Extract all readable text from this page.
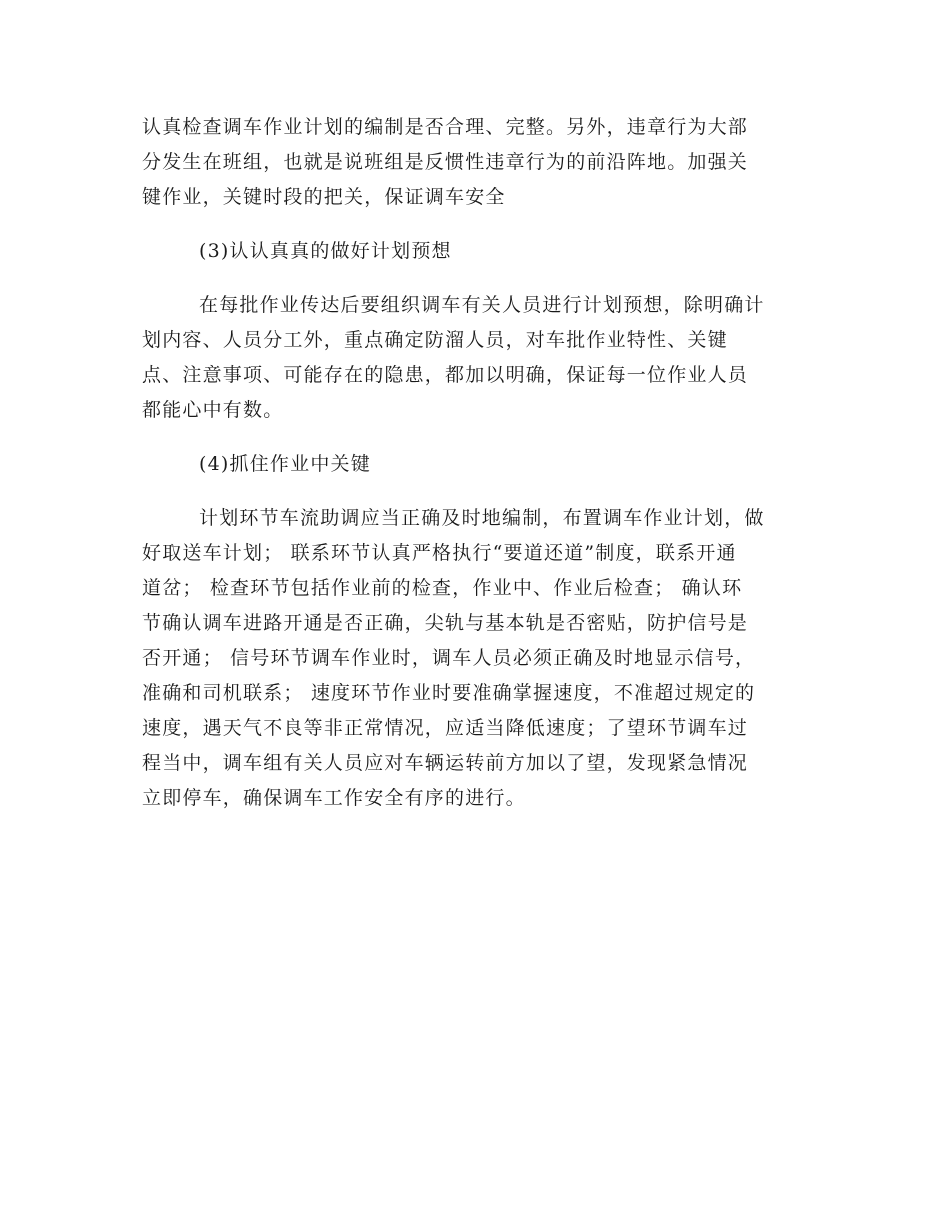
认真检查调车作业计划的编制是否合理、完整。另外，违章行为大部
分发生在班组，也就是说班组是反惯性违章行为的前沿阵地。加强关
键作业，关键时段的把关，保证调车安全

(3)认认真真的做好计划预想

在每批作业传达后要组织调车有关人员进行计划预想，除明确计
划内容、人员分工外，重点确定防溜人员，对车批作业特性、关键
点、注意事项、可能存在的隐患，都加以明确，保证每一位作业人员
都能心中有数。

(4)抓住作业中关键

计划环节车流助调应当正确及时地编制，布置调车作业计划，做
好取送车计划； 联系环节认真严格执行“要道还道”制度，联系开通
道岔； 检查环节包括作业前的检查，作业中、作业后检查； 确认环
节确认调车进路开通是否正确，尖轨与基本轨是否密贴，防护信号是
否开通； 信号环节调车作业时，调车人员必须正确及时地显示信号，
准确和司机联系； 速度环节作业时要准确掌握速度，不准超过规定的
速度，遇天气不良等非正常情况，应适当降低速度；了望环节调车过
程当中，调车组有关人员应对车辆运转前方加以了望，发现紧急情况
立即停车，确保调车工作安全有序的进行。
